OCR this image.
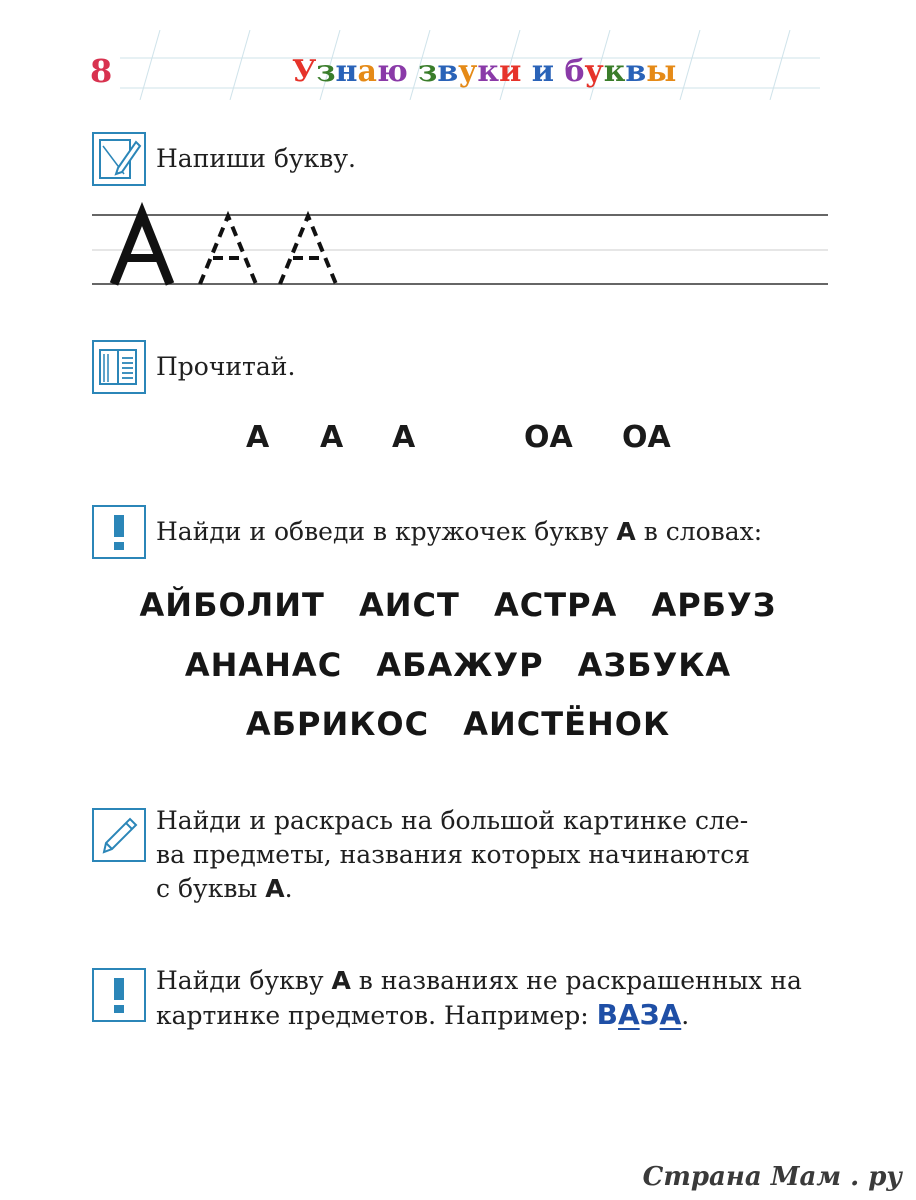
8	Узнаю звуки и буквы
Напиши букву.
Прочитай.
А А А	ОА ОА
Найди и обведи в кружочек букву А в словах:
АЙБОЛИТ АИСТ АСТРА АРБУЗ
АНАНАС АБАЖУР АЗБУКА
АБРИКОС АИСТЁНОК
Найди и раскрась на большой картинке сле-
ва предметы, названия которых начинаются
с буквы А.
Найди букву А в названиях не раскрашенных на
картинке предметов. Например: ВАЗА.
Страна Мам . ру
